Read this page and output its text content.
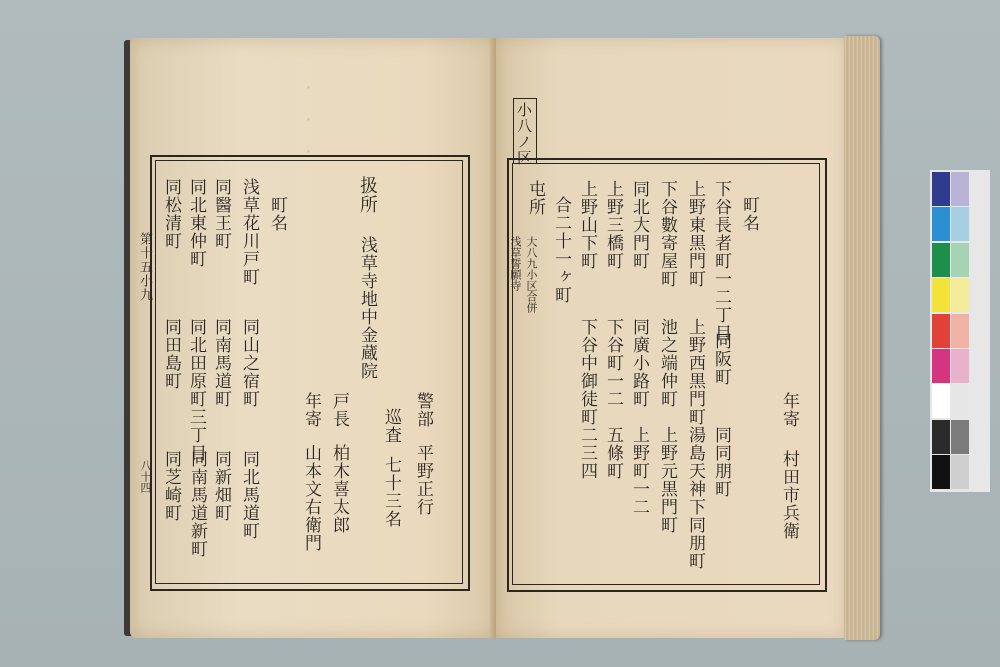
・　・　・
第十五小九
八十四
同松清町
同田島町
同北東仲町
同北田原町三丁目
同芝崎町
同醫王町
同南馬道町
同新畑町
浅草花川戸町
同山之宿町
同北馬道町
同南馬道新町
町名
年寄
山本文右衛門
戸長
柏木喜太郎
扱所
浅草寺地中金蔵院
巡査
七十三名
警部
平野正行
小八ノ区
屯所
大八九小区合併
浅草誓願寺 合二十一ヶ町 上野山下町 上野三橋町
下谷町一二
下谷中御徒町二三四
同北大門町
同廣小路町
五條町
下谷數寄屋町
池之端仲町
上野町一二
上野東黒門町
上野西黒門町
上野元黒門町
下谷長者町一二丁目
同阪町
同同朋町
湯島天神下同朋町
町名
年寄
村田市兵衛
